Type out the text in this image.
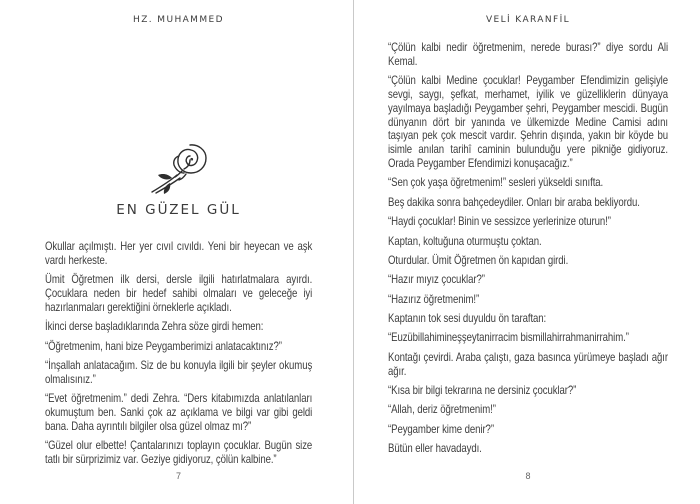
HZ. MUHAMMED
EN GÜZEL GÜL

Okullar açılmıştı. Her yer cıvıl cıvıldı. Yeni bir heyecan ve aşk vardı herkeste.

Ümit Öğretmen ilk dersi, dersle ilgili hatırlatmalara ayırdı. Çocuklara neden bir hedef sahibi olmaları ve geleceğe iyi hazırlanmaları gerektiğini örneklerle açıkladı.

İkinci derse başladıklarında Zehra söze girdi hemen:

“Öğretmenim, hani bize Peygamberimizi anlatacaktınız?”

“İnşallah anlatacağım. Siz de bu konuyla ilgili bir şeyler okumuş olmalısınız.”

“Evet öğretmenim.” dedi Zehra. “Ders kitabımızda anlatılanları okumuştum ben. Sanki çok az açıklama ve bilgi var gibi geldi bana. Daha ayrıntılı bilgiler olsa güzel olmaz mı?”

“Güzel olur elbette! Çantalarınızı toplayın çocuklar. Bugün size tatlı bir sürprizimiz var. Geziye gidiyoruz, çölün kalbine.”

7
VELİ KARANFİL

“Çölün kalbi nedir öğretmenim, nerede burası?” diye sordu Ali Kemal.

“Çölün kalbi Medine çocuklar! Peygamber Efendimizin gelişiyle sevgi, saygı, şefkat, merhamet, iyilik ve güzelliklerin dünyaya yayılmaya başladığı Peygamber şehri, Peygamber mescidi. Bugün dünyanın dört bir yanında ve ülkemizde Medine Camisi adını taşıyan pek çok mescit vardır. Şehrin dışında, yakın bir köyde bu isimle anılan tarihî caminin bulunduğu yere pikniğe gidiyoruz. Orada Peygamber Efendimizi konuşacağız.”

“Sen çok yaşa öğretmenim!” sesleri yükseldi sınıfta.

Beş dakika sonra bahçedeydiler. Onları bir araba bekliyordu.

“Haydi çocuklar! Binin ve sessizce yerlerinize oturun!”

Kaptan, koltuğuna oturmuştu çoktan.

Oturdular. Ümit Öğretmen ön kapıdan girdi.

“Hazır mıyız çocuklar?”

“Hazırız öğretmenim!”

Kaptanın tok sesi duyuldu ön taraftan:

“Euzübillahimineşşeytanirracim bismillahirrahmanirrahim.”

Kontağı çevirdi. Araba çalıştı, gaza basınca yürümeye başladı ağır ağır.

“Kısa bir bilgi tekrarına ne dersiniz çocuklar?”

“Allah, deriz öğretmenim!”

“Peygamber kime denir?”

Bütün eller havadaydı.

8
